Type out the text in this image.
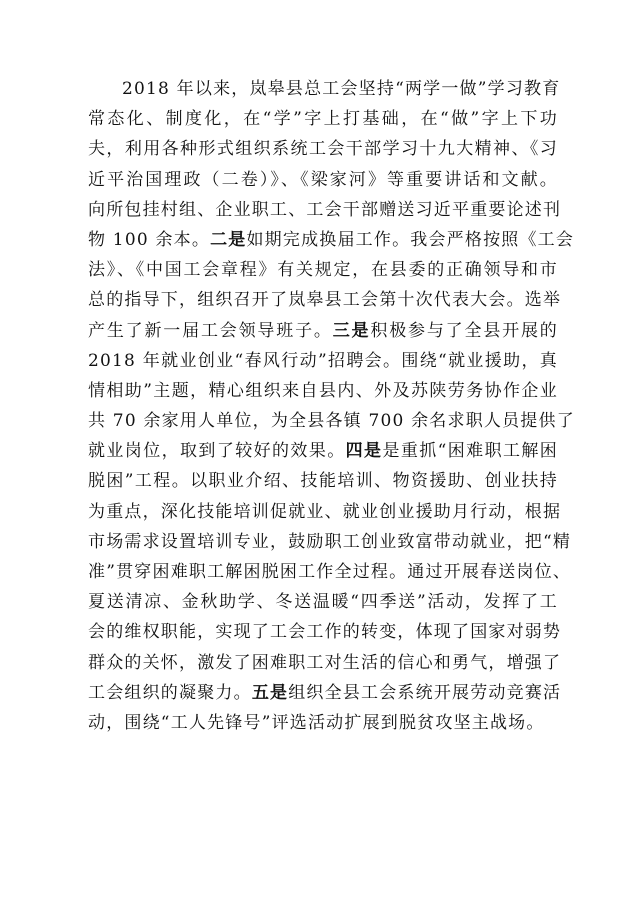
2018 年以来，岚皋县总工会坚持“两学一做”学习教育
常态化、制度化，在“学”字上打基础，在“做”字上下功
夫，利用各种形式组织系统工会干部学习十九大精神、《习
近平治国理政（二卷）》、《梁家河》等重要讲话和文献。
向所包挂村组、企业职工、工会干部赠送习近平重要论述刊
物 100 余本。二是如期完成换届工作。我会严格按照《工会
法》、《中国工会章程》有关规定，在县委的正确领导和市
总的指导下，组织召开了岚皋县工会第十次代表大会。选举
产生了新一届工会领导班子。三是积极参与了全县开展的
2018 年就业创业“春风行动”招聘会。围绕“就业援助，真
情相助”主题，精心组织来自县内、外及苏陕劳务协作企业
共 70 余家用人单位，为全县各镇 700 余名求职人员提供了
就业岗位，取到了较好的效果。四是是重抓“困难职工解困
脱困”工程。以职业介绍、技能培训、物资援助、创业扶持
为重点，深化技能培训促就业、就业创业援助月行动，根据
市场需求设置培训专业，鼓励职工创业致富带动就业，把“精
准”贯穿困难职工解困脱困工作全过程。通过开展春送岗位、
夏送清凉、金秋助学、冬送温暖“四季送”活动，发挥了工
会的维权职能，实现了工会工作的转变，体现了国家对弱势
群众的关怀，激发了困难职工对生活的信心和勇气，增强了
工会组织的凝聚力。五是组织全县工会系统开展劳动竞赛活
动，围绕“工人先锋号”评选活动扩展到脱贫攻坚主战场。
